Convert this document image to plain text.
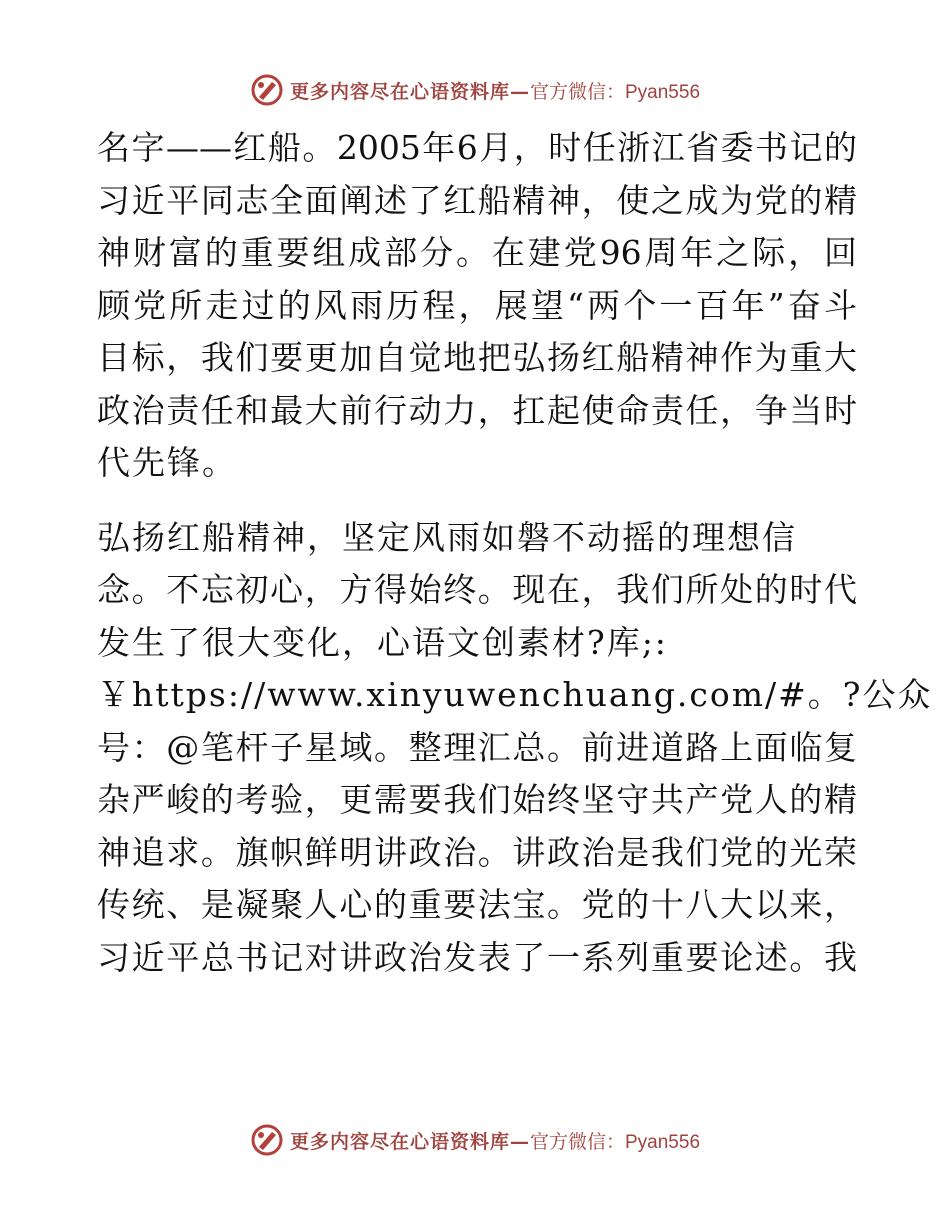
更多内容尽在心语资料库— 官方微信：Pyan556
名字——红船。2005年6月，时任浙江省委书记的
习近平同志全面阐述了红船精神，使之成为党的精
神财富的重要组成部分。在建党96周年之际，回
顾党所走过的风雨历程，展望“两个一百年”奋斗
目标，我们要更加自觉地把弘扬红船精神作为重大
政治责任和最大前行动力，扛起使命责任，争当时
代先锋。
弘扬红船精神，坚定风雨如磐不动摇的理想信
念。不忘初心，方得始终。现在，我们所处的时代
发生了很大变化，心语文创素材?库;:
￥https://www.xinyuwenchuang.com/#。?公众
号：@笔杆子星域。整理汇总。前进道路上面临复
杂严峻的考验，更需要我们始终坚守共产党人的精
神追求。旗帜鲜明讲政治。讲政治是我们党的光荣
传统、是凝聚人心的重要法宝。党的十八大以来，
习近平总书记对讲政治发表了一系列重要论述。我
更多内容尽在心语资料库— 官方微信：Pyan556
